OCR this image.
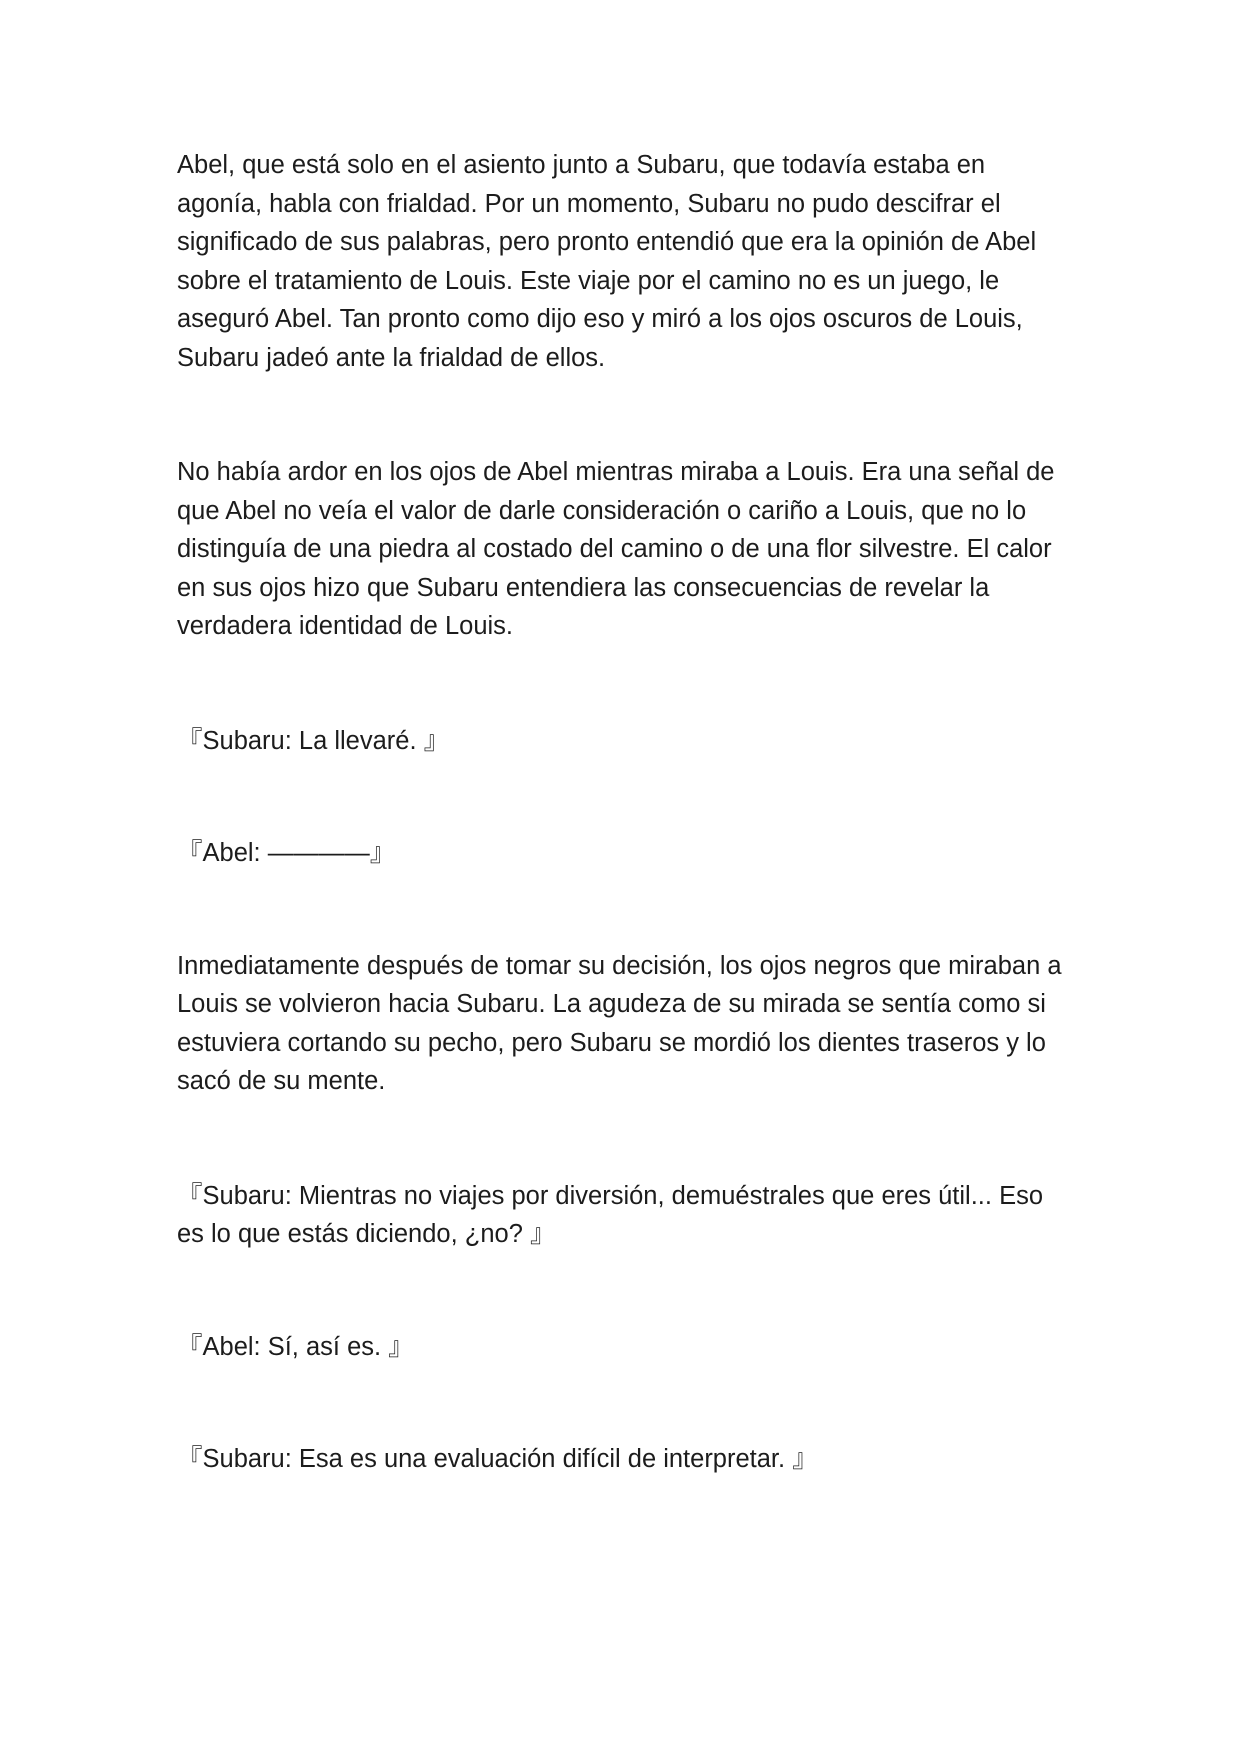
Abel, que está solo en el asiento junto a Subaru, que todavía estaba en agonía, habla con frialdad. Por un momento, Subaru no pudo descifrar el significado de sus palabras, pero pronto entendió que era la opinión de Abel sobre el tratamiento de Louis. Este viaje por el camino no es un juego, le aseguró Abel. Tan pronto como dijo eso y miró a los ojos oscuros de Louis, Subaru jadeó ante la frialdad de ellos.

No había ardor en los ojos de Abel mientras miraba a Louis. Era una señal de que Abel no veía el valor de darle consideración o cariño a Louis, que no lo distinguía de una piedra al costado del camino o de una flor silvestre. El calor en sus ojos hizo que Subaru entendiera las consecuencias de revelar la verdadera identidad de Louis.

『Subaru: La llevaré. 』

『Abel: ————』

Inmediatamente después de tomar su decisión, los ojos negros que miraban a Louis se volvieron hacia Subaru. La agudeza de su mirada se sentía como si estuviera cortando su pecho, pero Subaru se mordió los dientes traseros y lo sacó de su mente.

『Subaru: Mientras no viajes por diversión, demuéstrales que eres útil... Eso es lo que estás diciendo, ¿no? 』

『Abel: Sí, así es. 』

『Subaru: Esa es una evaluación difícil de interpretar. 』
